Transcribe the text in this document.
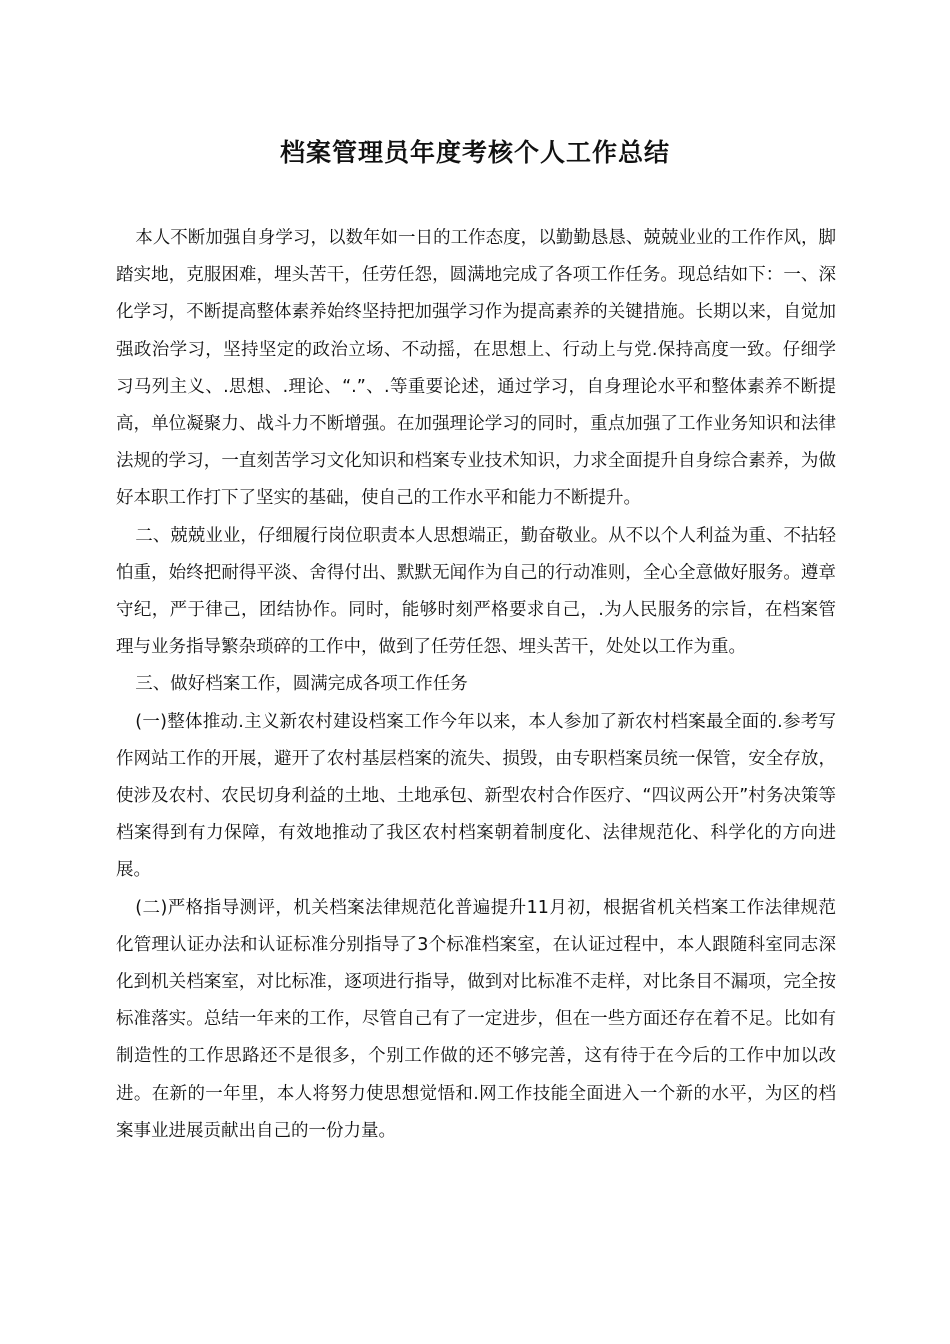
档案管理员年度考核个人工作总结

本人不断加强自身学习，以数年如一日的工作态度，以勤勤恳恳、兢兢业业的工作作风，脚踏实地，克服困难，埋头苦干，任劳任怨，圆满地完成了各项工作任务。现总结如下：一、深化学习，不断提高整体素养始终坚持把加强学习作为提高素养的关键措施。长期以来，自觉加强政治学习，坚持坚定的政治立场、不动摇，在思想上、行动上与党.保持高度一致。仔细学习马列主义、.思想、.理论、“.”、.等重要论述，通过学习，自身理论水平和整体素养不断提高，单位凝聚力、战斗力不断增强。在加强理论学习的同时，重点加强了工作业务知识和法律法规的学习，一直刻苦学习文化知识和档案专业技术知识，力求全面提升自身综合素养，为做好本职工作打下了坚实的基础，使自己的工作水平和能力不断提升。

二、兢兢业业，仔细履行岗位职责本人思想端正，勤奋敬业。从不以个人利益为重、不拈轻怕重，始终把耐得平淡、舍得付出、默默无闻作为自己的行动准则，全心全意做好服务。遵章守纪，严于律己，团结协作。同时，能够时刻严格要求自己，.为人民服务的宗旨，在档案管理与业务指导繁杂琐碎的工作中，做到了任劳任怨、埋头苦干，处处以工作为重。

三、做好档案工作，圆满完成各项工作任务

(一)整体推动.主义新农村建设档案工作今年以来，本人参加了新农村档案最全面的.参考写作网站工作的开展，避开了农村基层档案的流失、损毁，由专职档案员统一保管，安全存放，使涉及农村、农民切身利益的土地、土地承包、新型农村合作医疗、“四议两公开”村务决策等档案得到有力保障，有效地推动了我区农村档案朝着制度化、法律规范化、科学化的方向进展。

(二)严格指导测评，机关档案法律规范化普遍提升11月初，根据省机关档案工作法律规范化管理认证办法和认证标准分别指导了3个标准档案室，在认证过程中，本人跟随科室同志深化到机关档案室，对比标准，逐项进行指导，做到对比标准不走样，对比条目不漏项，完全按标准落实。总结一年来的工作，尽管自己有了一定进步，但在一些方面还存在着不足。比如有制造性的工作思路还不是很多，个别工作做的还不够完善，这有待于在今后的工作中加以改进。在新的一年里，本人将努力使思想觉悟和.网工作技能全面进入一个新的水平，为区的档案事业进展贡献出自己的一份力量。
